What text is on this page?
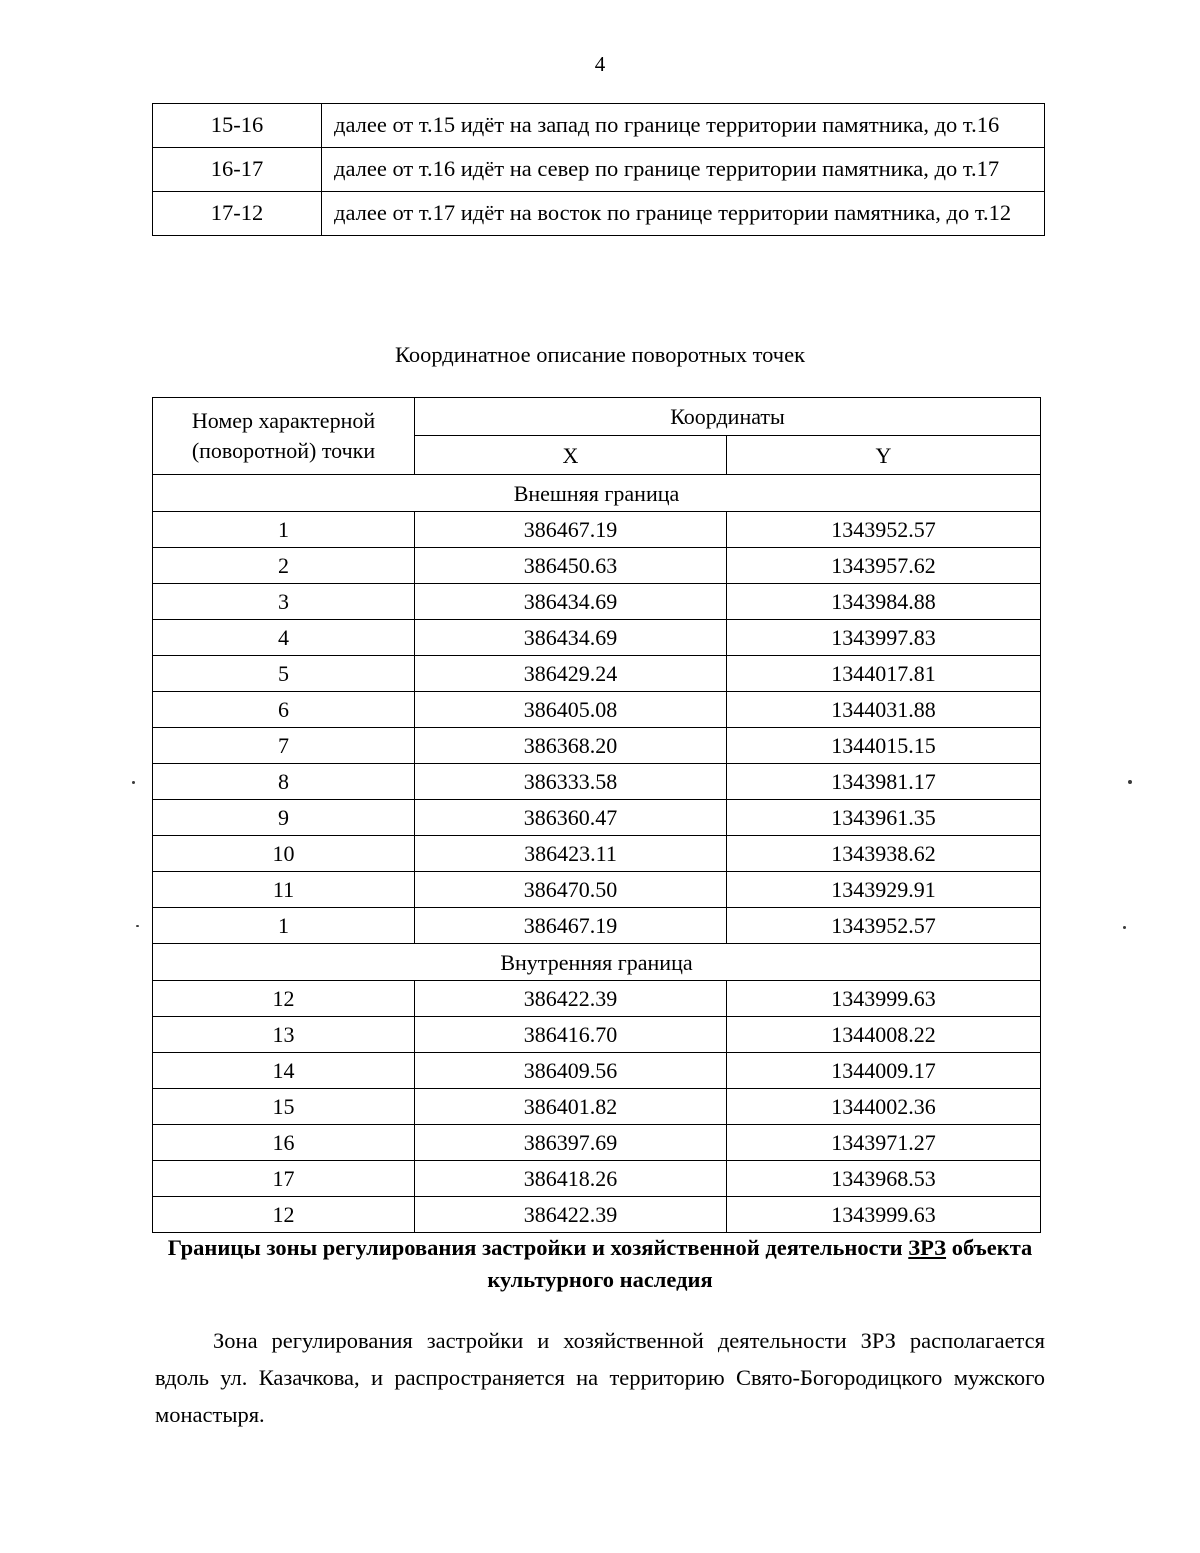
4
15-16	далее от т.15 идёт на запад по границе территории памятника, до т.16
16-17	далее от т.16 идёт на север по границе территории памятника, до т.17
17-12	далее от т.17 идёт на восток по границе территории памятника, до т.12
Координатное описание поворотных точек
Номер характерной
(поворотной) точки	Координаты	
	X	Y
Внешняя граница		
1	386467.19	1343952.57
2	386450.63	1343957.62
3	386434.69	1343984.88
4	386434.69	1343997.83
5	386429.24	1344017.81
6	386405.08	1344031.88
7	386368.20	1344015.15
8	386333.58	1343981.17
9	386360.47	1343961.35
10	386423.11	1343938.62
11	386470.50	1343929.91
1	386467.19	1343952.57
Внутренняя граница		
12	386422.39	1343999.63
13	386416.70	1344008.22
14	386409.56	1344009.17
15	386401.82	1344002.36
16	386397.69	1343971.27
17	386418.26	1343968.53
12	386422.39	1343999.63
Границы зоны регулирования застройки и хозяйственной деятельности ЗРЗ объекта культурного наследия
Зона регулирования застройки и хозяйственной деятельности ЗРЗ располагается вдоль ул. Казачкова, и распространяется на территорию Свято-Богородицкого мужского монастыря.
